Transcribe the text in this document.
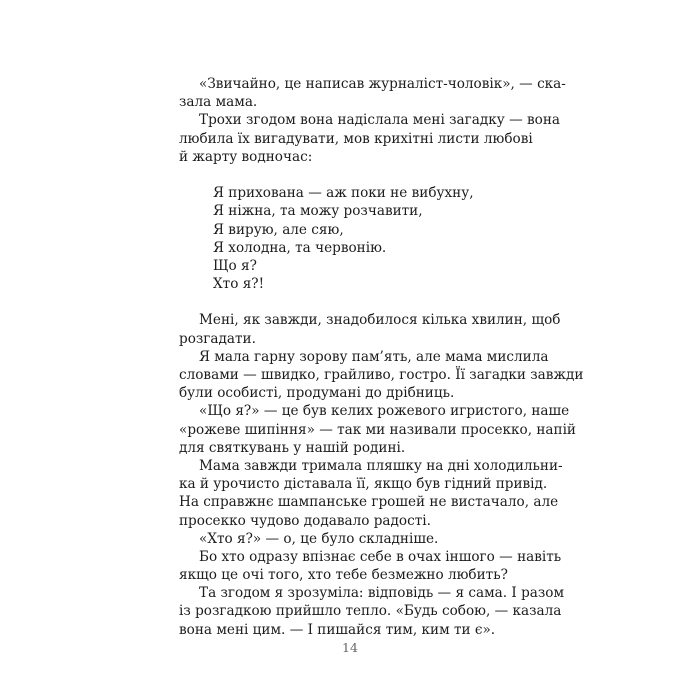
«Звичайно, це написав журналіст-чоловік», — ска-
зала мама.
Трохи згодом вона надіслала мені загадку — вона
любила їх вигадувати, мов крихітні листи любові
й жарту водночас:
Я прихована — аж поки не вибухну,
Я ніжна, та можу розчавити,
Я вирую, але сяю,
Я холодна, та червонію.
Що я?
Хто я?!
Мені, як завжди, знадобилося кілька хвилин, щоб
розгадати.
Я мала гарну зорову пам’ять, але мама мислила
словами — швидко, грайливо, гостро. Її загадки завжди
були особисті, продумані до дрібниць.
«Що я?» — це був келих рожевого игристого, наше
«рожеве шипіння» — так ми називали просекко, напій
для святкувань у нашій родині.
Мама завжди тримала пляшку на дні холодильни-
ка й урочисто діставала її, якщо був гідний привід.
На справжнє шампанське грошей не вистачало, але
просекко чудово додавало радості.
«Хто я?» — о, це було складніше.
Бо хто одразу впізнає себе в очах іншого — навіть
якщо це очі того, хто тебе безмежно любить?
Та згодом я зрозуміла: відповідь — я сама. І разом
із розгадкою прийшло тепло. «Будь собою, — казала
вона мені цим. — І пишайся тим, ким ти є».
14
